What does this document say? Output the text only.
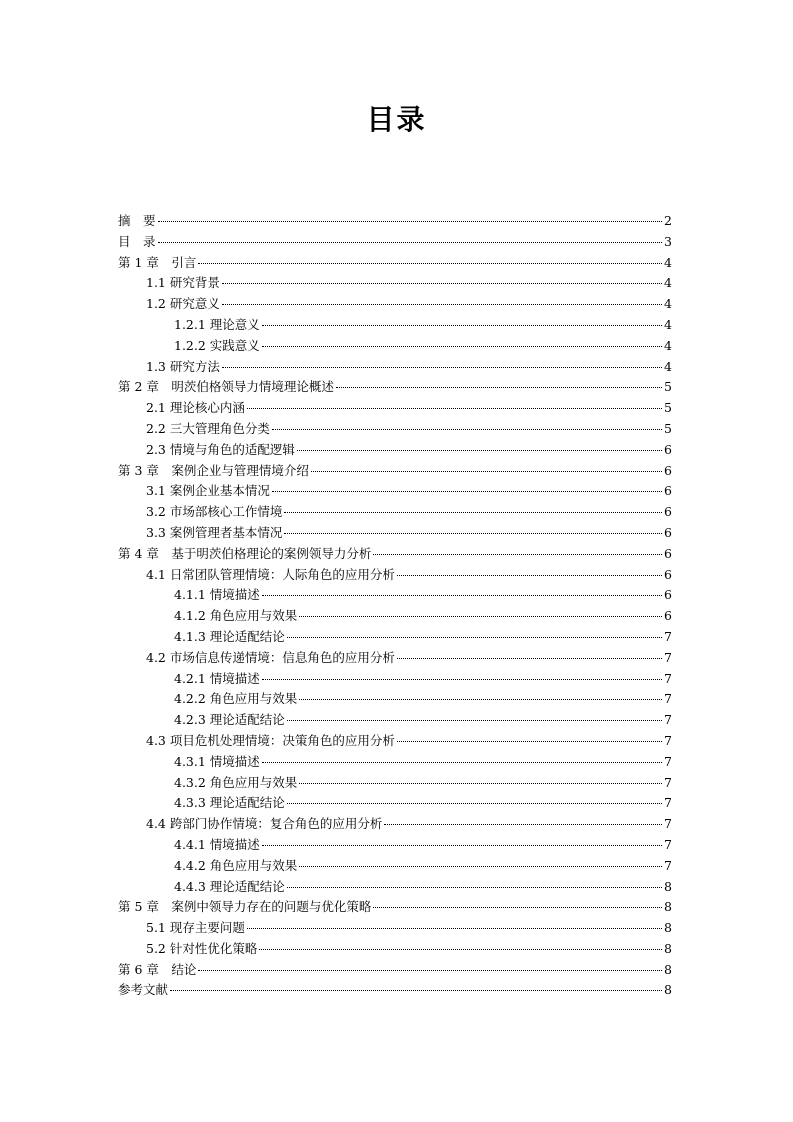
目录
摘　要	2
目　录	3
第 1 章　引言	4
1.1 研究背景	4
1.2 研究意义	4
1.2.1 理论意义	4
1.2.2 实践意义	4
1.3 研究方法	4
第 2 章　明茨伯格领导力情境理论概述	5
2.1 理论核心内涵	5
2.2 三大管理角色分类	5
2.3 情境与角色的适配逻辑	6
第 3 章　案例企业与管理情境介绍	6
3.1 案例企业基本情况	6
3.2 市场部核心工作情境	6
3.3 案例管理者基本情况	6
第 4 章　基于明茨伯格理论的案例领导力分析	6
4.1 日常团队管理情境：人际角色的应用分析	6
4.1.1 情境描述	6
4.1.2 角色应用与效果	6
4.1.3 理论适配结论	7
4.2 市场信息传递情境：信息角色的应用分析	7
4.2.1 情境描述	7
4.2.2 角色应用与效果	7
4.2.3 理论适配结论	7
4.3 项目危机处理情境：决策角色的应用分析	7
4.3.1 情境描述	7
4.3.2 角色应用与效果	7
4.3.3 理论适配结论	7
4.4 跨部门协作情境：复合角色的应用分析	7
4.4.1 情境描述	7
4.4.2 角色应用与效果	7
4.4.3 理论适配结论	8
第 5 章　案例中领导力存在的问题与优化策略	8
5.1 现存主要问题	8
5.2 针对性优化策略	8
第 6 章　结论	8
参考文献	8
